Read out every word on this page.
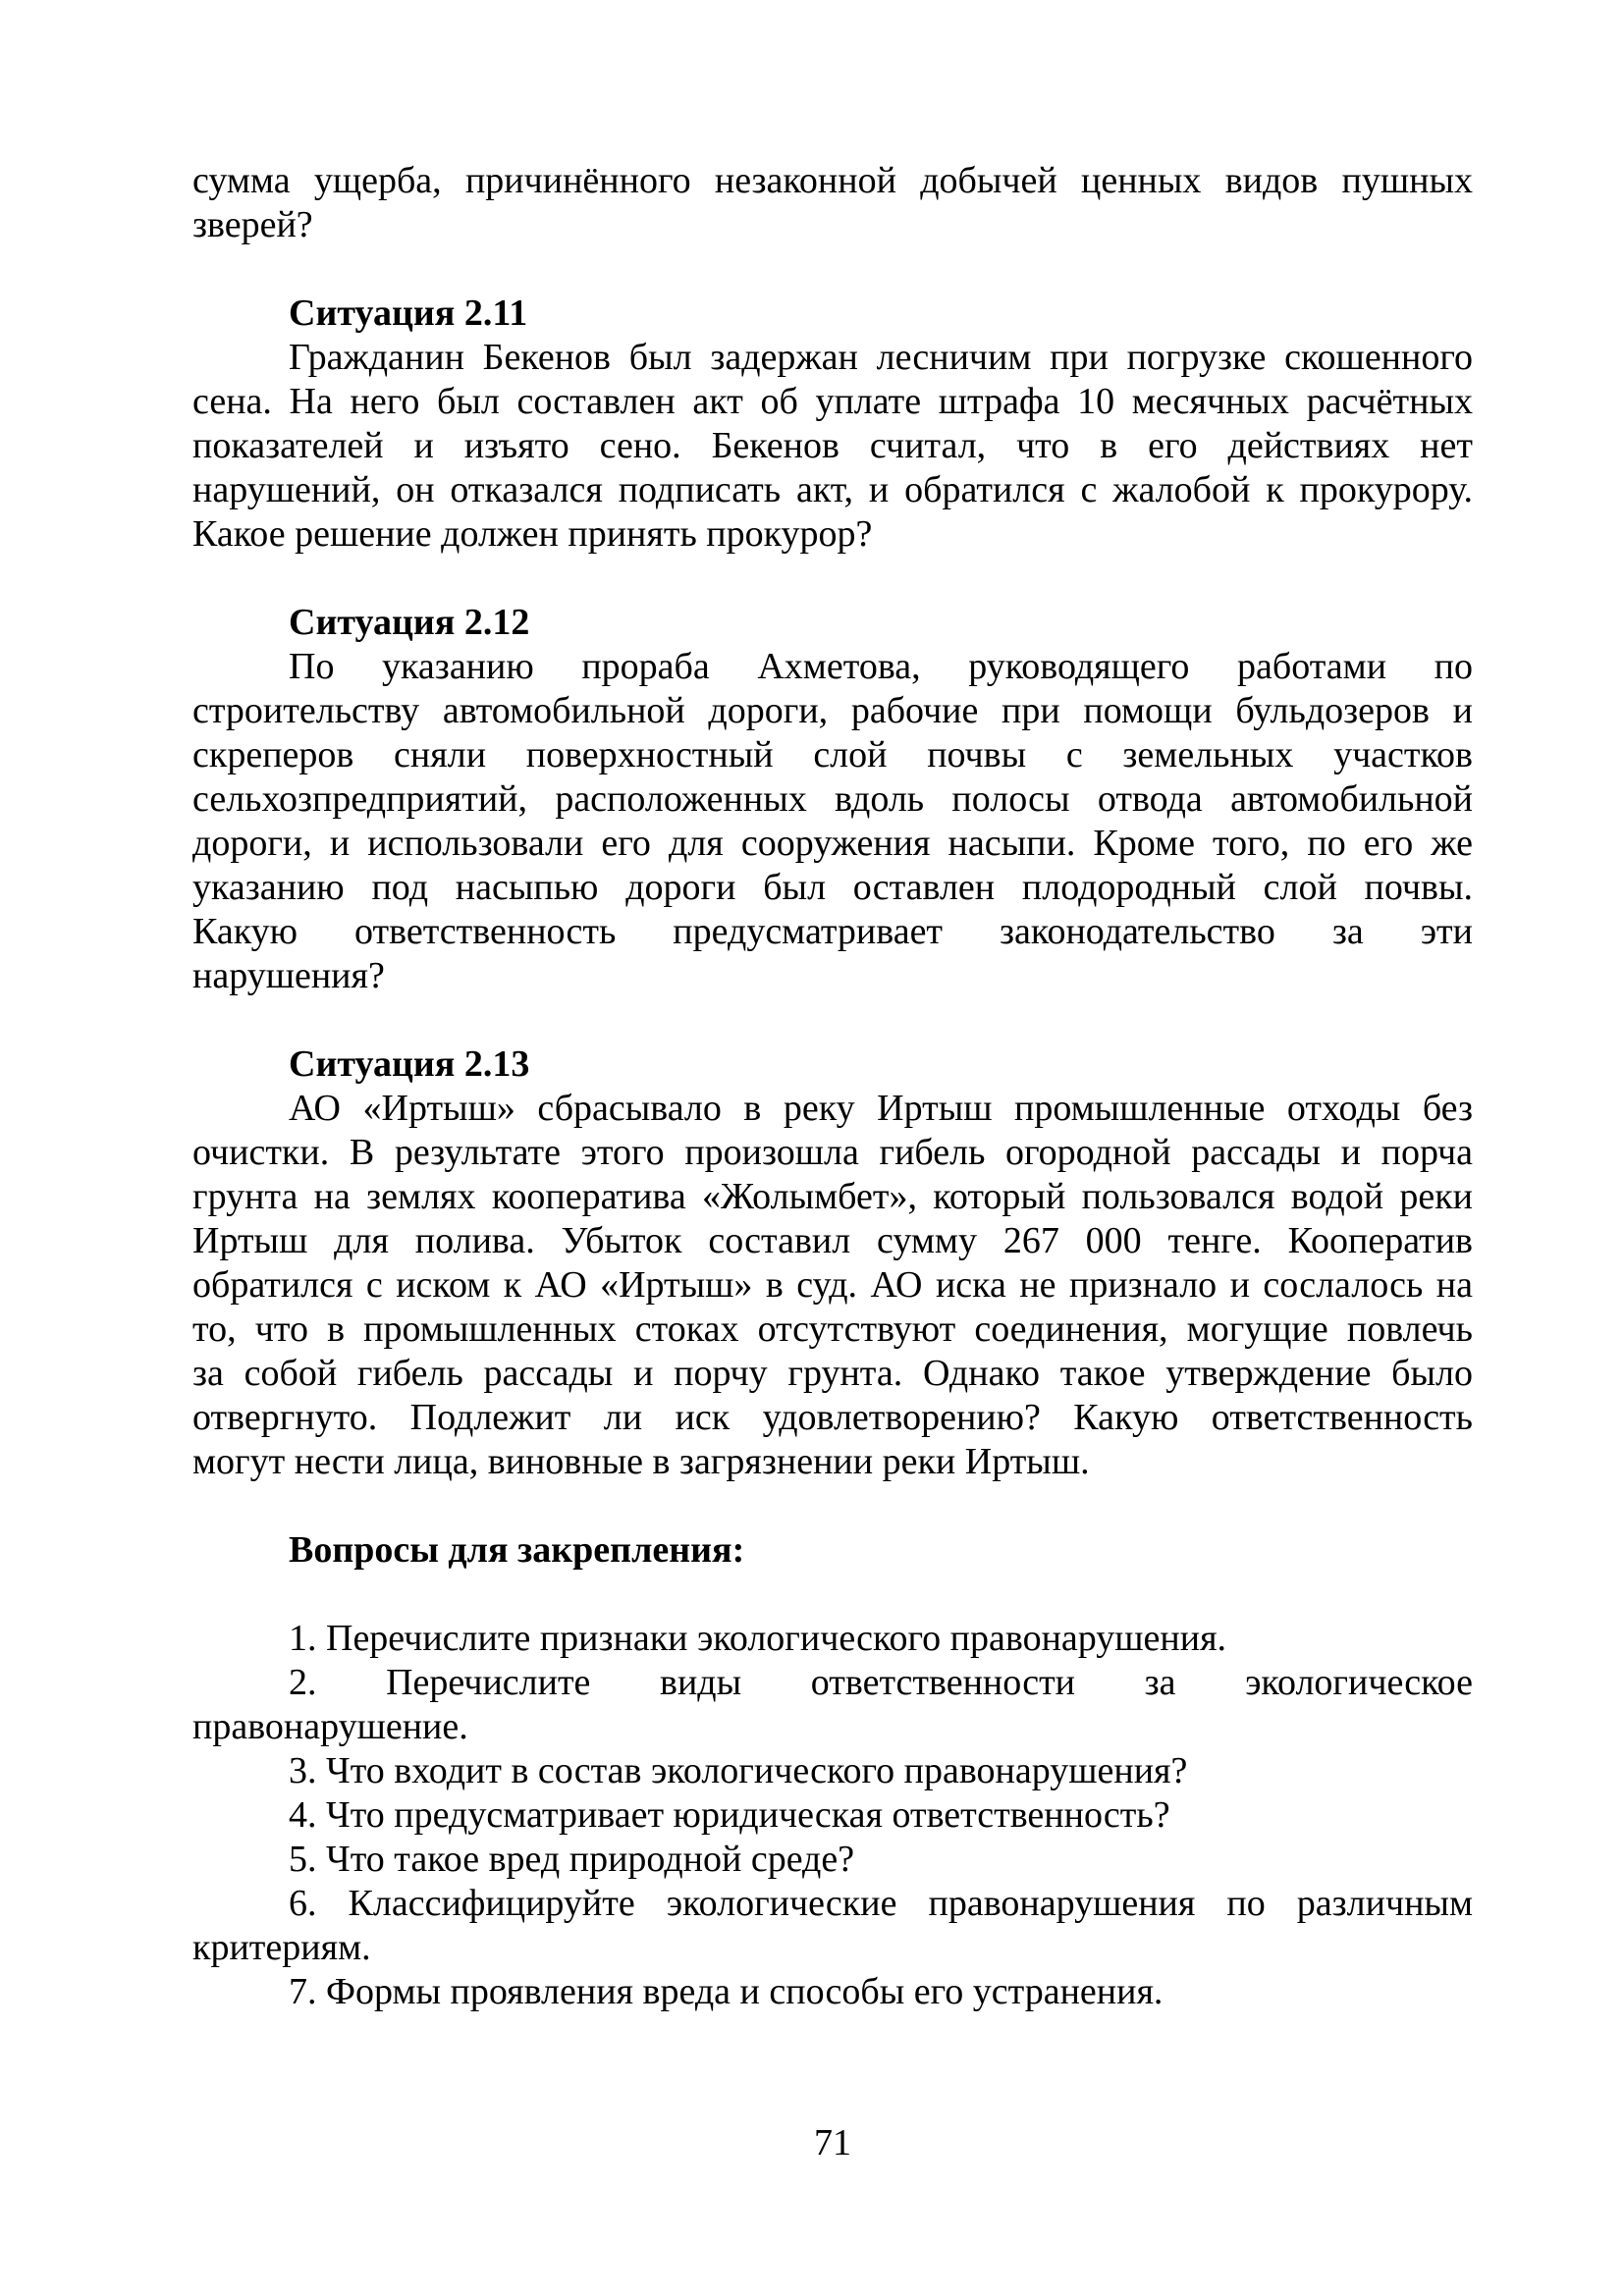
сумма ущерба, причинённого незаконной добычей ценных видов пушных
зверей?
Ситуация 2.11
Гражданин Бекенов был задержан лесничим при погрузке скошенного
сена. На него был составлен акт об уплате штрафа 10 месячных расчётных
показателей и изъято сено. Бекенов считал, что в его действиях нет
нарушений, он отказался подписать акт, и обратился с жалобой к прокурору.
Какое решение должен принять прокурор?
Ситуация 2.12
По указанию прораба Ахметова, руководящего работами по
строительству автомобильной дороги, рабочие при помощи бульдозеров и
скреперов сняли поверхностный слой почвы с земельных участков
сельхозпредприятий, расположенных вдоль полосы отвода автомобильной
дороги, и использовали его для сооружения насыпи. Кроме того, по его же
указанию под насыпью дороги был оставлен плодородный слой почвы.
Какую ответственность предусматривает законодательство за эти
нарушения?
Ситуация 2.13
АО «Иртыш» сбрасывало в реку Иртыш промышленные отходы без
очистки. В результате этого произошла гибель огородной рассады и порча
грунта на землях кооператива «Жолымбет», который пользовался водой реки
Иртыш для полива. Убыток составил сумму 267 000 тенге. Кооператив
обратился с иском к АО «Иртыш» в суд. АО иска не признало и сослалось на
то, что в промышленных стоках отсутствуют соединения, могущие повлечь
за собой гибель рассады и порчу грунта. Однако такое утверждение было
отвергнуто. Подлежит ли иск удовлетворению? Какую ответственность
могут нести лица, виновные в загрязнении реки Иртыш.
Вопросы для закрепления:
1. Перечислите признаки экологического правонарушения.
2. Перечислите виды ответственности за экологическое
правонарушение.
3. Что входит в состав экологического правонарушения?
4. Что предусматривает юридическая ответственность?
5. Что такое вред природной среде?
6. Классифицируйте экологические правонарушения по различным
критериям.
7. Формы проявления вреда и способы его устранения.
71
